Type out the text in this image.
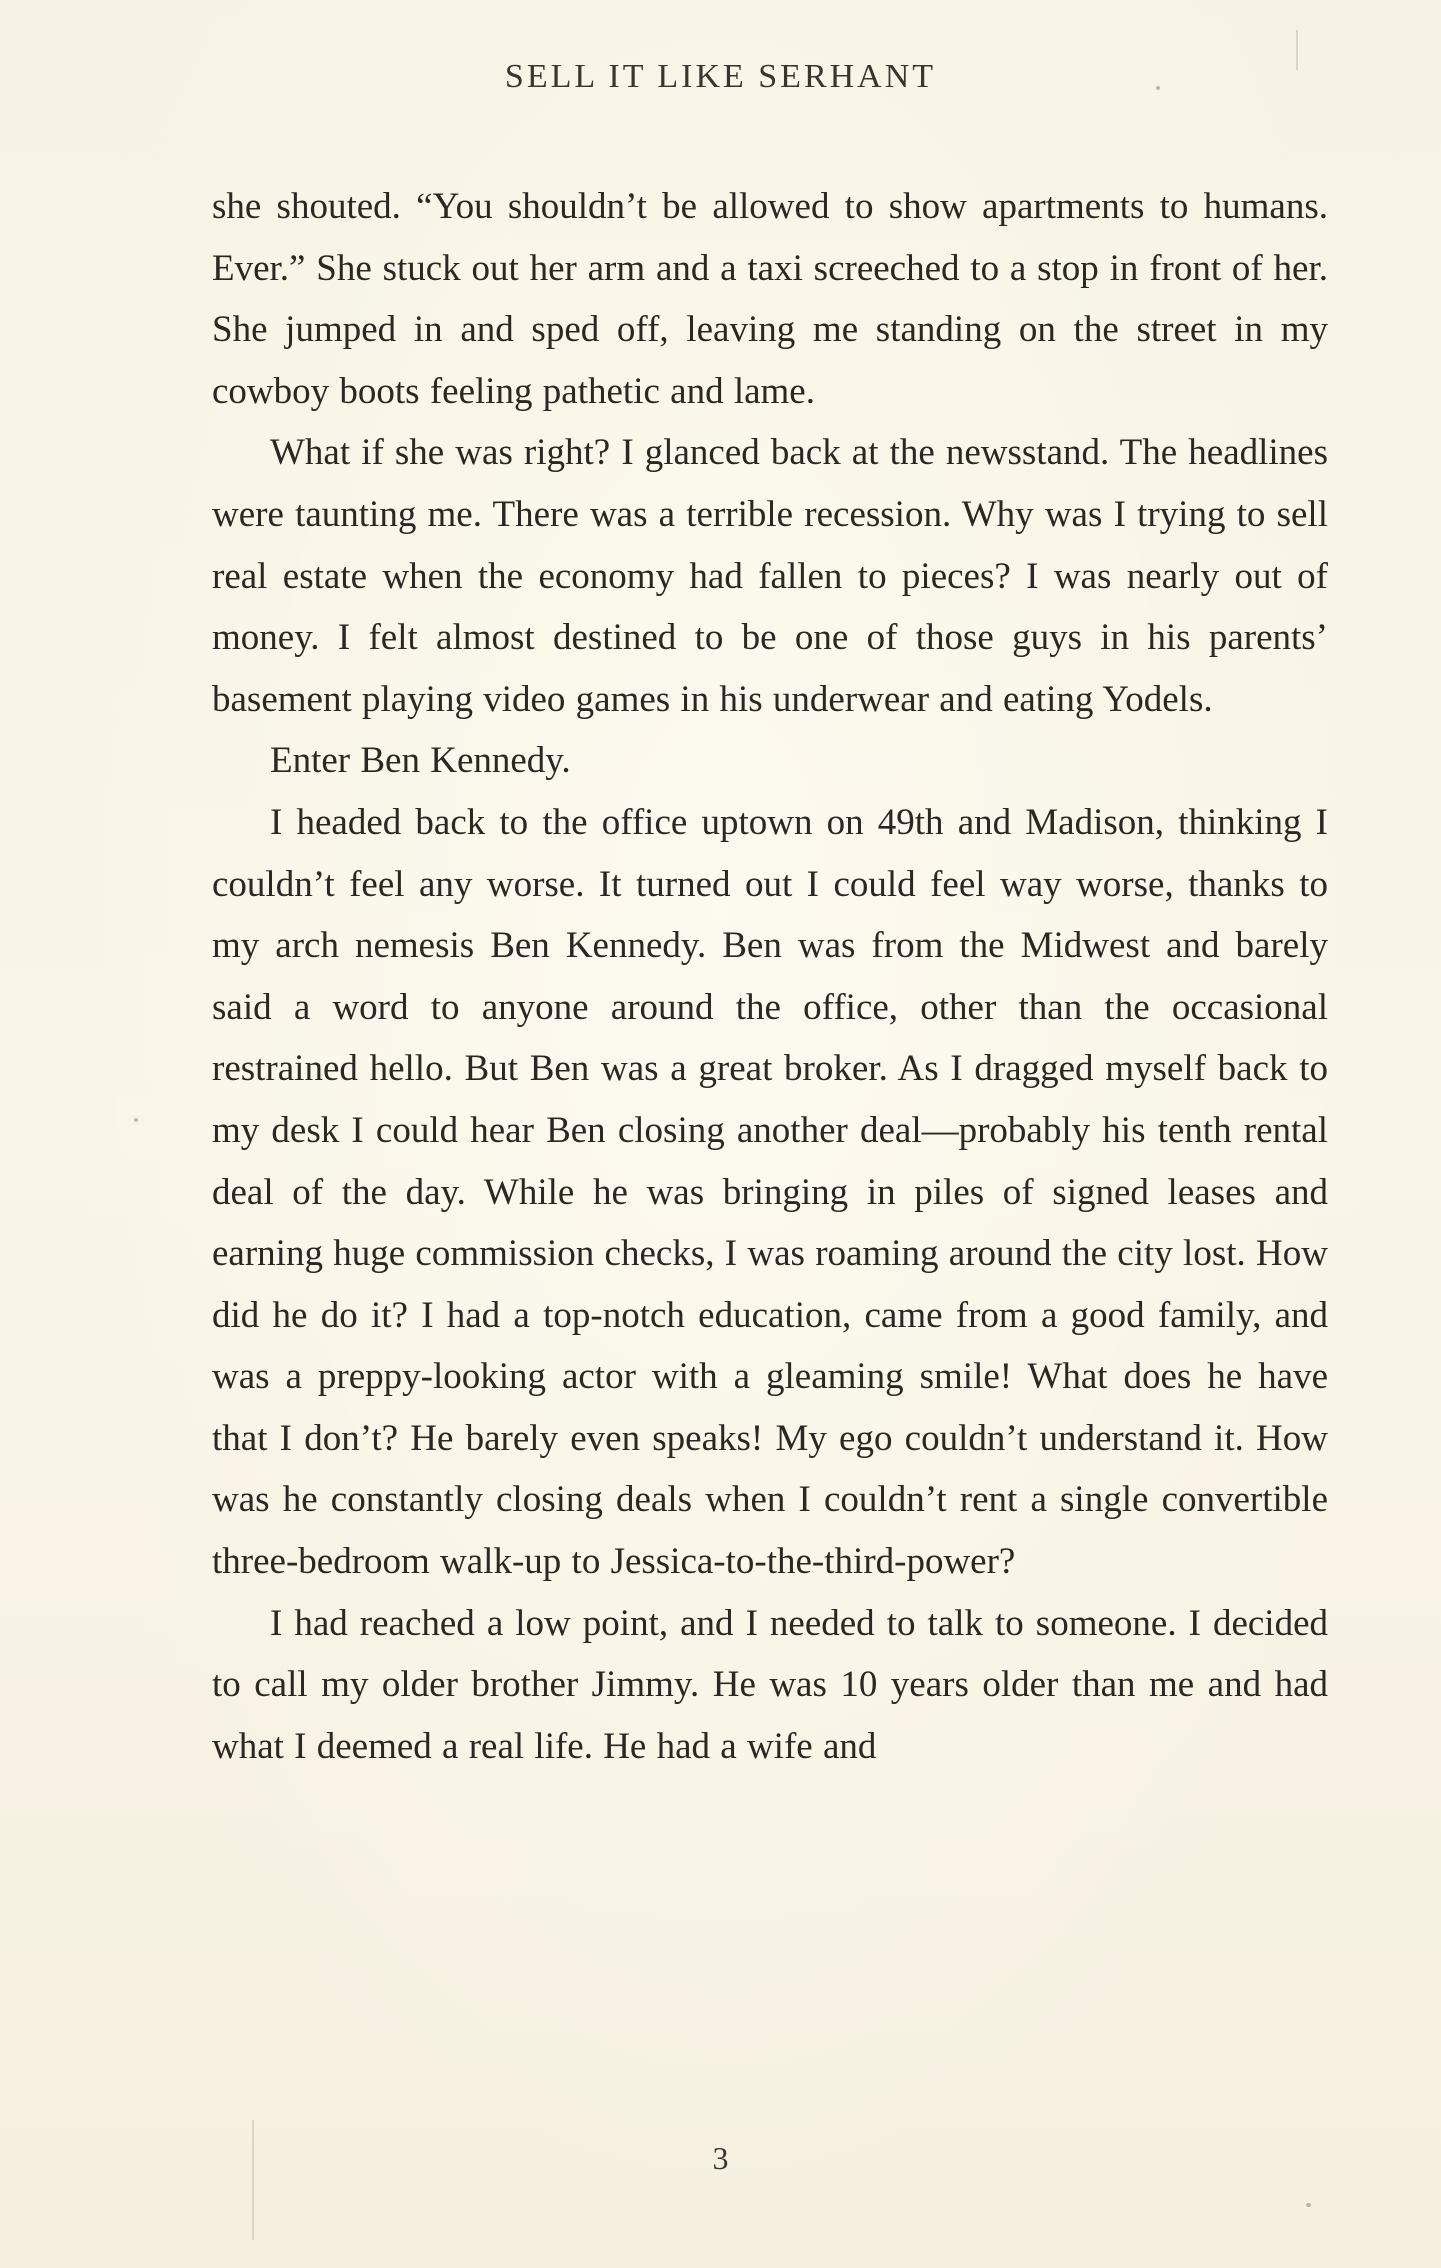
SELL IT LIKE SERHANT

she shouted. “You shouldn’t be allowed to show apartments to humans. Ever.” She stuck out her arm and a taxi screeched to a stop in front of her. She jumped in and sped off, leaving me standing on the street in my cowboy boots feeling pathetic and lame.

What if she was right? I glanced back at the newsstand. The headlines were taunting me. There was a terrible recession. Why was I trying to sell real estate when the economy had fallen to pieces? I was nearly out of money. I felt almost destined to be one of those guys in his parents’ basement playing video games in his underwear and eating Yodels.

Enter Ben Kennedy.

I headed back to the office uptown on 49th and Madison, thinking I couldn’t feel any worse. It turned out I could feel way worse, thanks to my arch nemesis Ben Kennedy. Ben was from the Midwest and barely said a word to anyone around the office, other than the occasional restrained hello. But Ben was a great broker. As I dragged myself back to my desk I could hear Ben closing another deal—probably his tenth rental deal of the day. While he was bringing in piles of signed leases and earning huge commission checks, I was roaming around the city lost. How did he do it? I had a top-notch education, came from a good family, and was a preppy-looking actor with a gleaming smile! What does he have that I don’t? He barely even speaks! My ego couldn’t understand it. How was he constantly closing deals when I couldn’t rent a single convertible three-bedroom walk-up to Jessica-to-the-third-power?

I had reached a low point, and I needed to talk to someone. I decided to call my older brother Jimmy. He was 10 years older than me and had what I deemed a real life. He had a wife and

3
